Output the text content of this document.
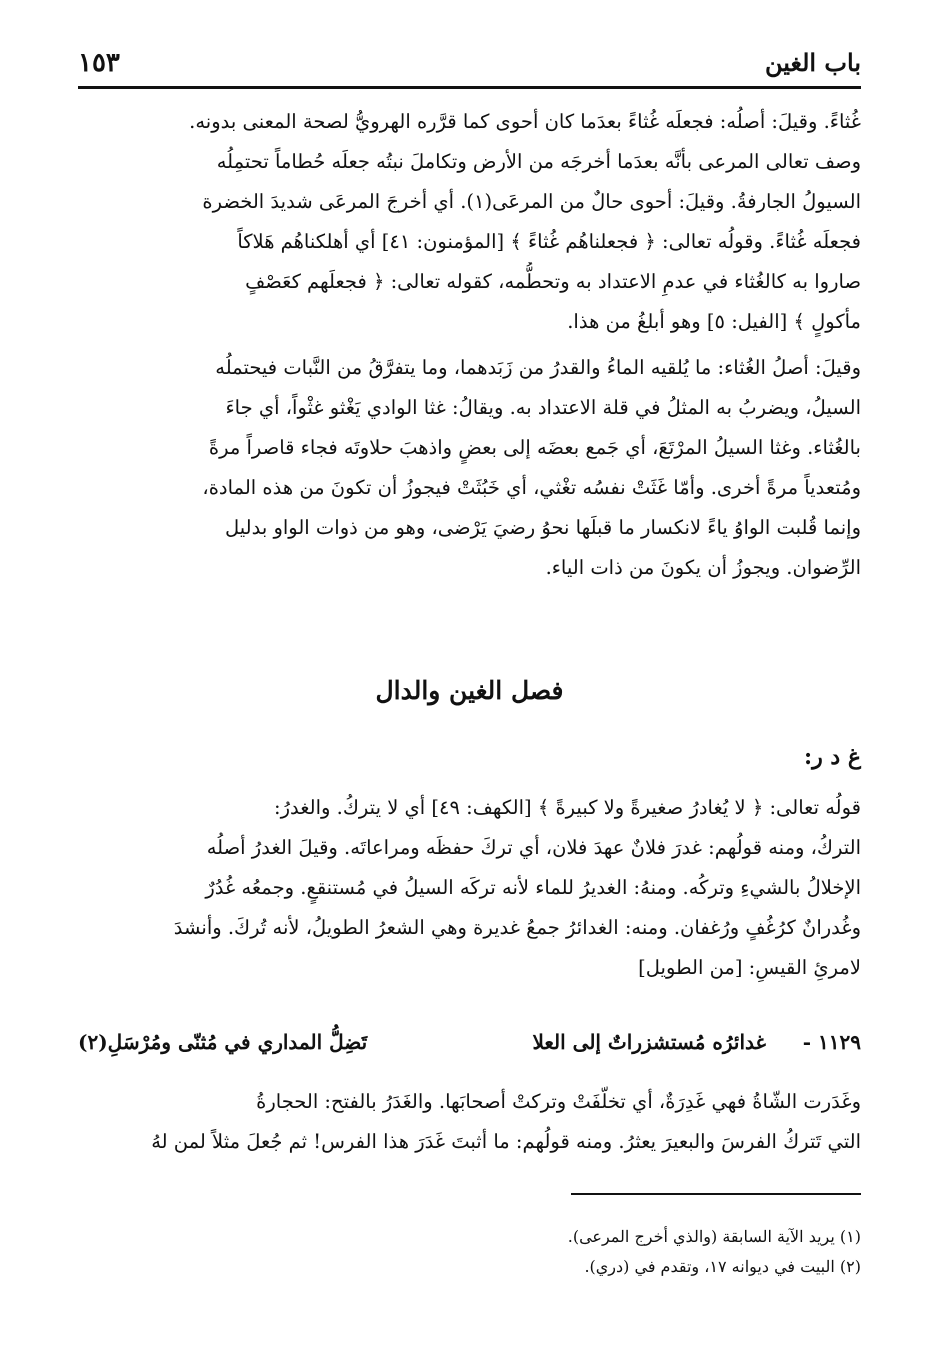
باب الغين
١٥٣
غُثاءً. وقيلَ: أصلُه: فجعلَه غُثاءً بعدَما كان أحوى كما قرَّره الهرويُّ لصحة المعنى بدونه.
وصف تعالى المرعى بأنَّه بعدَما أخرجَه من الأرض وتكاملَ نبتُه جعلَه حُطاماً تحتمِلُه
السيولُ الجارفةُ. وقيلَ: أحوى حالٌ من المرعَى(١). أي أخرجَ المرعَى شديدَ الخضرة
فجعلَه غُثاءً. وقولُه تعالى: ﴿ فجعلناهُم غُثاءً ﴾ [المؤمنون: ٤١] أي أهلكناهُم هَلاكاً
صاروا به كالغُثاء في عدمِ الاعتداد به وتحطُّمه، كقوله تعالى: ﴿ فجعلَهم كعَصْفٍ
مأكولٍ ﴾ [الفيل: ٥] وهو أبلغُ من هذا.
وقيلَ: أصلُ الغُثاء: ما يُلقيه الماءُ والقدرُ من زَبَدهما، وما يتفرَّقُ من النَّبات فيحتملُه
السيلُ، ويضربُ به المثلُ في قلة الاعتداد به. ويقالُ: غثا الوادي يَغْثو غثْواً، أي جاءَ
بالغُثاء. وغثا السيلُ المرْتَعَ، أي جَمع بعضَه إلى بعضٍ واذهبَ حلاوتَه فجاء قاصراً مرةً
ومُتعدياً مرةً أخرى. وأمّا غَثَتْ نفسُه تغْثي، أي خَبُثَتْ فيجوزُ أن تكونَ من هذه المادة،
وإنما قُلبت الواوُ ياءً لانكسار ما قبلَها نحوُ رضيَ يَرْضى، وهو من ذوات الواو بدليل
الرِّضوان. ويجوزُ أن يكونَ من ذات الياء.
فصل الغين والدال
غ د ر:
قولُه تعالى: ﴿ لا يُغادرُ صغيرةً ولا كبيرةً ﴾ [الكهف: ٤٩] أي لا يتركُ. والغدرُ:
التركُ، ومنه قولُهم: غدرَ فلانٌ عهدَ فلان، أي تركَ حفظَه ومراعاتَه. وقيلَ الغدرُ أصلُه
الإخلالُ بالشيءِ وتركُه. ومنهُ: الغديرُ للماء لأنه تركَه السيلُ في مُستنقعٍ. وجمعُه غُدُرٌ
وغُدرانٌ كرُغُفٍ ورُغفان. ومنه: الغدائرُ جمعُ غديرة وهي الشعرُ الطويلُ، لأنه تُركَ. وأنشدَ
لامرئِ القيسِ: [من الطويل]
١١٢٩ -
غدائرُه مُستشزراتٌ إلى العلا
تَضِلُّ المداري في مُثنّى ومُرْسَلِ(٢)
وغَدَرت الشّاةُ فهي غَدِرَةٌ، أي تخلّفَتْ وتركتْ أصحابَها. والغَدَرُ بالفتح: الحجارةُ
التي تَتركُ الفرسَ والبعيرَ يعثرُ. ومنه قولُهم: ما أثبتَ غَدَرَ هذا الفرس! ثم جُعلَ مثلاً لمن لهُ
(١) يريد الآية السابقة (والذي أخرج المرعى).
(٢) البيت في ديوانه ١٧، وتقدم في (دري).
